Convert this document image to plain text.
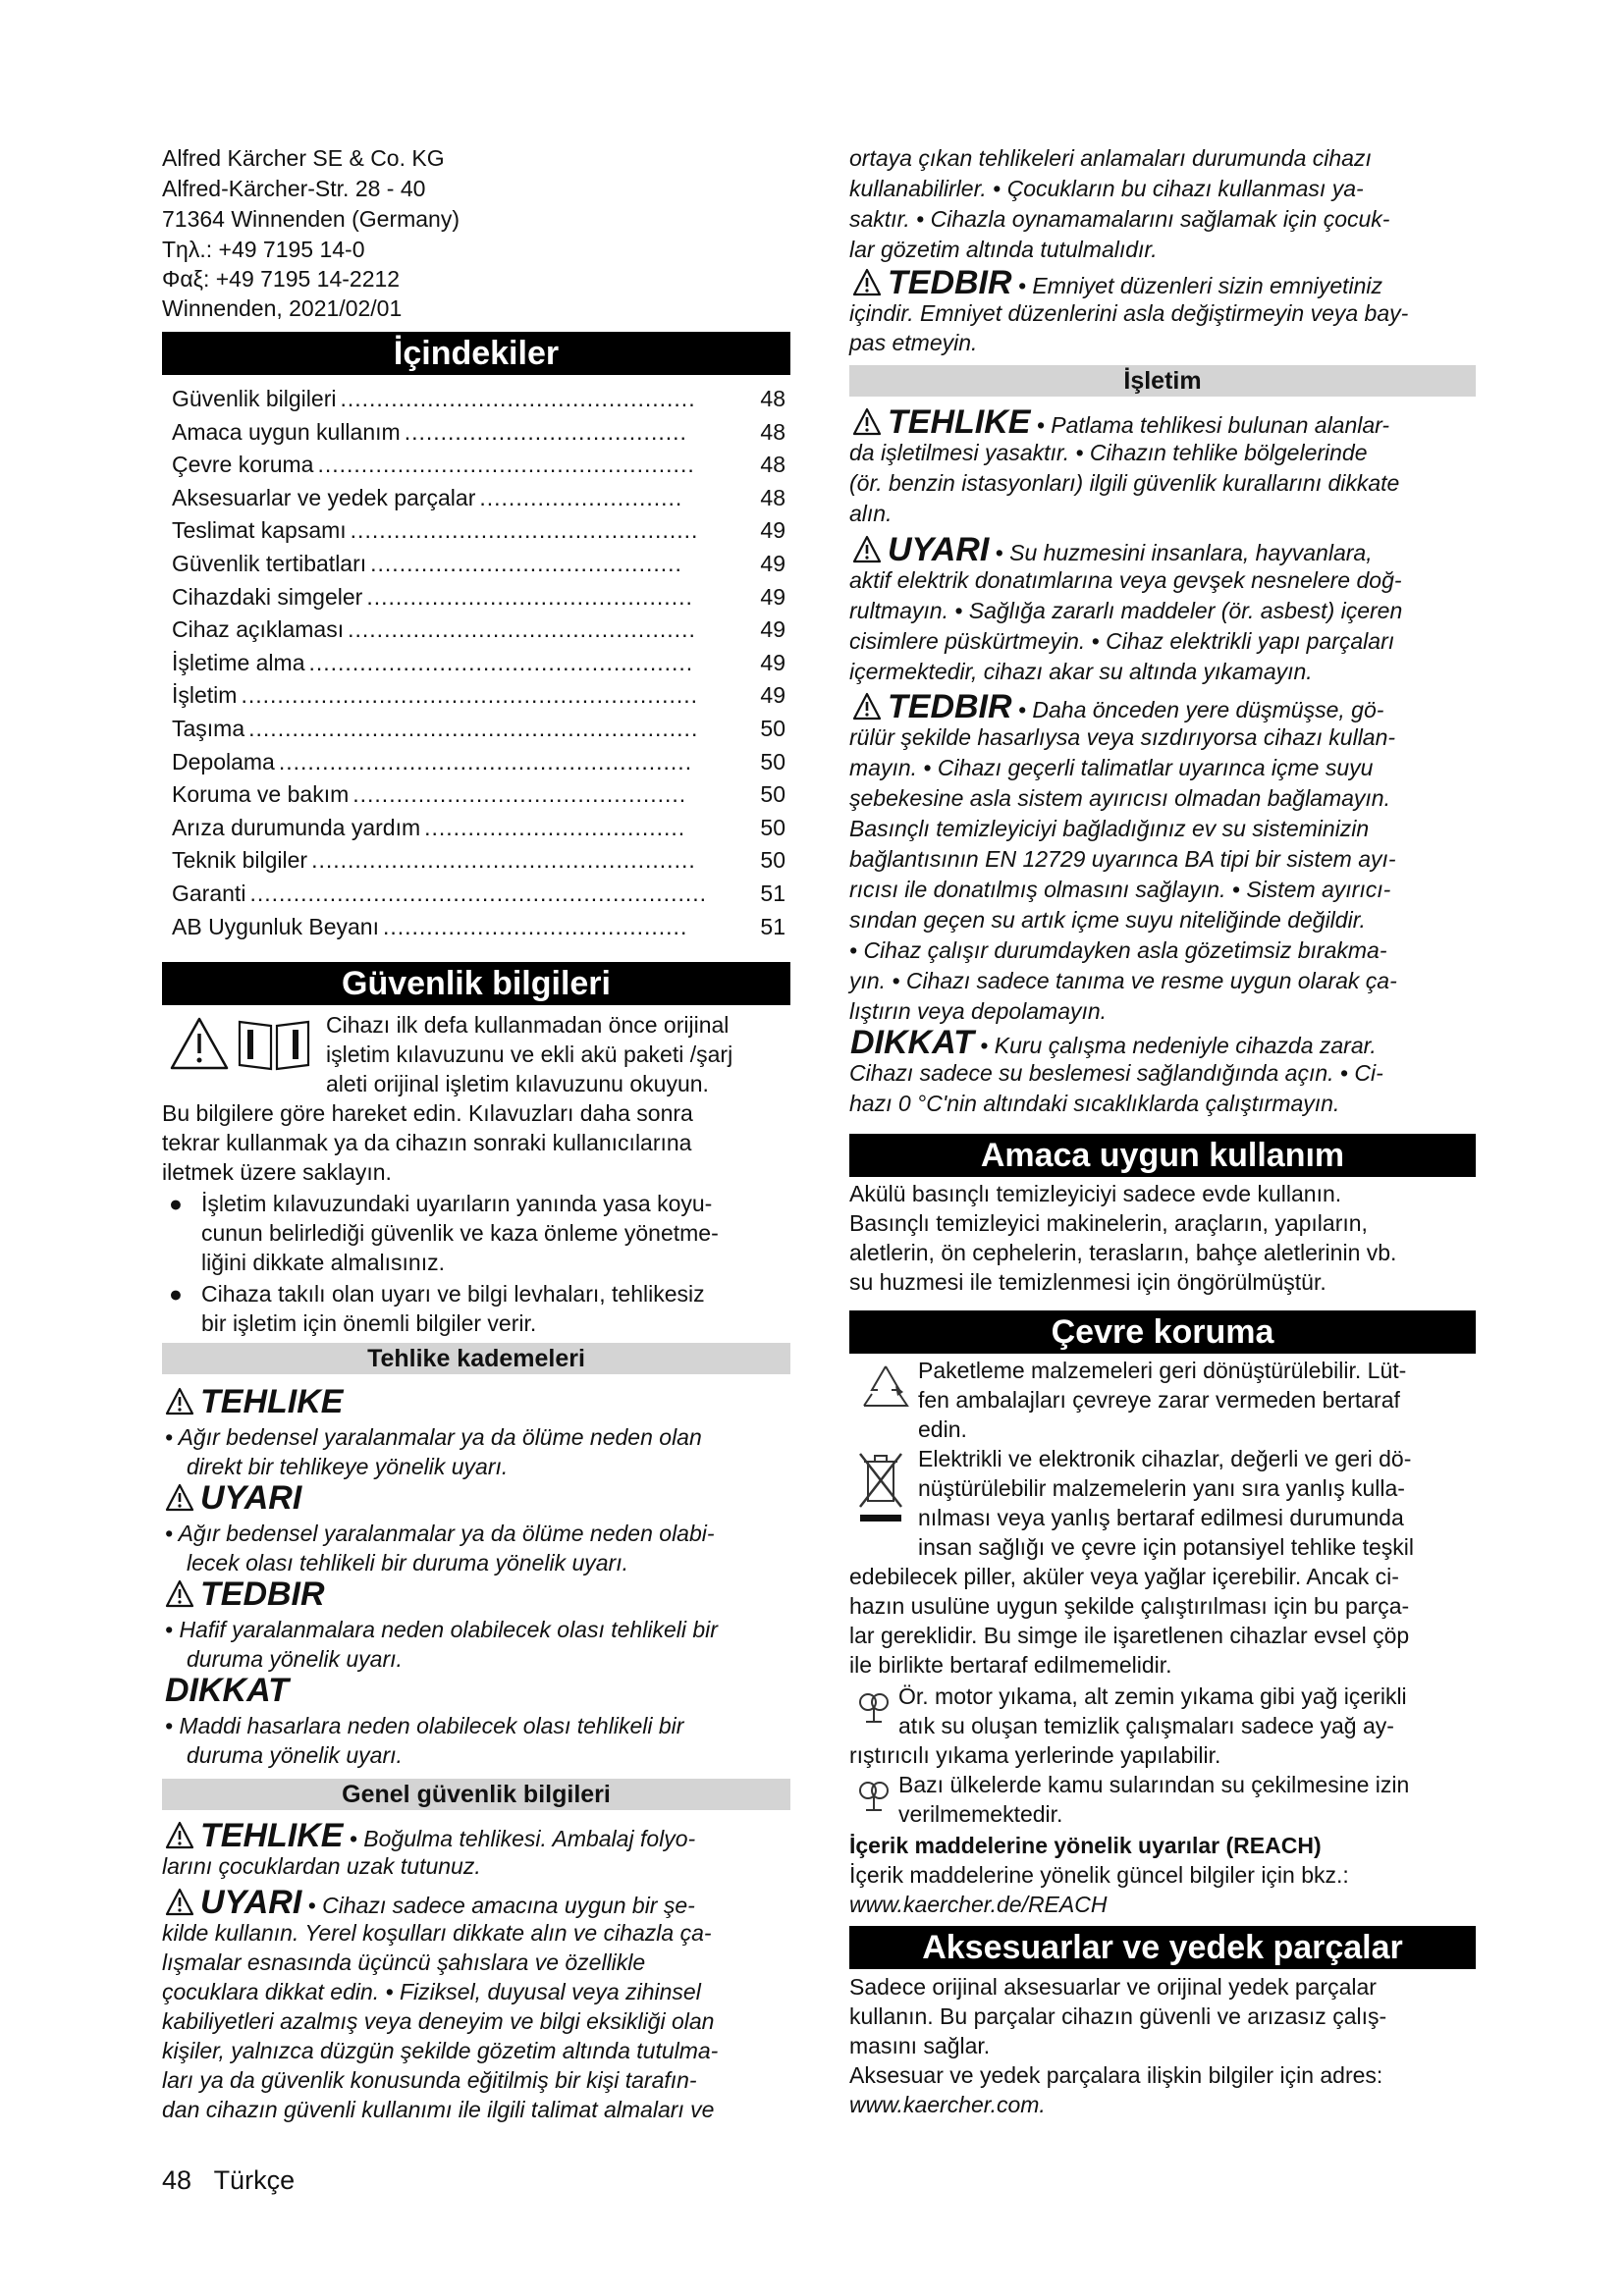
Alfred Kärcher SE & Co. KG

Alfred-Kärcher-Str. 28 - 40

71364 Winnenden (Germany)

Tηλ.: +49 7195 14-0

Φαξ: +49 7195 14-2212

Winnenden, 2021/02/01

İçindekiler
Güvenlik bilgileri .................................................	48
Amaca uygun kullanım .......................................	48
Çevre koruma ....................................................	48
Aksesuarlar ve yedek parçalar ............................	48
Teslimat kapsamı ................................................	49
Güvenlik tertibatları ...........................................	49
Cihazdaki simgeler .............................................	49
Cihaz açıklaması ................................................	49
İşletime alma .....................................................	49
İşletim ...............................................................	49
Taşıma ..............................................................	50
Depolama .........................................................	50
Koruma ve bakım ..............................................	50
Arıza durumunda yardım ....................................	50
Teknik bilgiler .....................................................	50
Garanti ............................................................... 51
AB Uygunluk Beyanı ..........................................	51
Güvenlik bilgileri

Cihazı ilk defa kullanmadan önce orijinal

işletim kılavuzunu ve ekli akü paketi /şarj

aleti orijinal işletim kılavuzunu okuyun.

Bu bilgilere göre hareket edin. Kılavuzları daha sonra

tekrar kullanmak ya da cihazın sonraki kullanıcılarına

iletmek üzere saklayın.

● İşletim kılavuzundaki uyarıların yanında yasa koyu-

cunun belirlediği güvenlik ve kaza önleme yönetme-

liğini dikkate almalısınız.

● Cihaza takılı olan uyarı ve bilgi levhaları, tehlikesiz

bir işletim için önemli bilgiler verir.

Tehlike kademeleri
TEHLIKE

• Ağır bedensel yaralanmalar ya da ölüme neden olan

direkt bir tehlikeye yönelik uyarı.

UYARI

• Ağır bedensel yaralanmalar ya da ölüme neden olabi-

lecek olası tehlikeli bir duruma yönelik uyarı.

TEDBIR

• Hafif yaralanmalara neden olabilecek olası tehlikeli bir

duruma yönelik uyarı.

DIKKAT

• Maddi hasarlara neden olabilecek olası tehlikeli bir

duruma yönelik uyarı.

Genel güvenlik bilgileri

TEHLIKE • Boğulma tehlikesi. Ambalaj folyo-

larını çocuklardan uzak tutunuz.

UYARI • Cihazı sadece amacına uygun bir şe-

kilde kullanın. Yerel koşulları dikkate alın ve cihazla ça-

lışmalar esnasında üçüncü şahıslara ve özellikle

çocuklara dikkat edin. • Fiziksel, duyusal veya zihinsel

kabiliyetleri azalmış veya deneyim ve bilgi eksikliği olan

kişiler, yalnızca düzgün şekilde gözetim altında tutulma-

ları ya da güvenlik konusunda eğitilmiş bir kişi tarafın-

dan cihazın güvenli kullanımı ile ilgili talimat almaları ve

48 Türkçe

ortaya çıkan tehlikeleri anlamaları durumunda cihazı

kullanabilirler. • Çocukların bu cihazı kullanması ya-

saktır. • Cihazla oynamamalarını sağlamak için çocuk-

lar gözetim altında tutulmalıdır.

TEDBIR • Emniyet düzenleri sizin emniyetiniz

içindir. Emniyet düzenlerini asla değiştirmeyin veya bay-

pas etmeyin.

İşletim

TEHLIKE • Patlama tehlikesi bulunan alanlar-

da işletilmesi yasaktır. • Cihazın tehlike bölgelerinde

(ör. benzin istasyonları) ilgili güvenlik kurallarını dikkate

alın.

UYARI • Su huzmesini insanlara, hayvanlara,

aktif elektrik donatımlarına veya gevşek nesnelere doğ-

rultmayın. • Sağlığa zararlı maddeler (ör. asbest) içeren

cisimlere püskürtmeyin. • Cihaz elektrikli yapı parçaları

içermektedir, cihazı akar su altında yıkamayın.

TEDBIR • Daha önceden yere düşmüşse, gö-

rülür şekilde hasarlıysa veya sızdırıyorsa cihazı kullan-

mayın. • Cihazı geçerli talimatlar uyarınca içme suyu

şebekesine asla sistem ayırıcısı olmadan bağlamayın.

Basınçlı temizleyiciyi bağladığınız ev su sisteminizin

bağlantısının EN 12729 uyarınca BA tipi bir sistem ayı-

rıcısı ile donatılmış olmasını sağlayın. • Sistem ayırıcı-

sından geçen su artık içme suyu niteliğinde değildir.

• Cihaz çalışır durumdayken asla gözetimsiz bırakma-

yın. • Cihazı sadece tanıma ve resme uygun olarak ça-

lıştırın veya depolamayın.

DIKKAT • Kuru çalışma nedeniyle cihazda zarar.

Cihazı sadece su beslemesi sağlandığında açın. • Ci-

hazı 0 °C'nin altındaki sıcaklıklarda çalıştırmayın.

Amaca uygun kullanım

Akülü basınçlı temizleyiciyi sadece evde kullanın.

Basınçlı temizleyici makinelerin, araçların, yapıların,

aletlerin, ön cephelerin, terasların, bahçe aletlerinin vb.

su huzmesi ile temizlenmesi için öngörülmüştür.

Çevre koruma

Paketleme malzemeleri geri dönüştürülebilir. Lüt-

fen ambalajları çevreye zarar vermeden bertaraf

edin.

Elektrikli ve elektronik cihazlar, değerli ve geri dö-

nüştürülebilir malzemelerin yanı sıra yanlış kulla-

nılması veya yanlış bertaraf edilmesi durumunda

insan sağlığı ve çevre için potansiyel tehlike teşkil

edebilecek piller, aküler veya yağlar içerebilir. Ancak ci-

hazın usulüne uygun şekilde çalıştırılması için bu parça-

lar gereklidir. Bu simge ile işaretlenen cihazlar evsel çöp

ile birlikte bertaraf edilmemelidir.

Ör. motor yıkama, alt zemin yıkama gibi yağ içerikli

atık su oluşan temizlik çalışmaları sadece yağ ay-

rıştırıcılı yıkama yerlerinde yapılabilir.

Bazı ülkelerde kamu sularından su çekilmesine izin

verilmemektedir.

İçerik maddelerine yönelik uyarılar (REACH)

İçerik maddelerine yönelik güncel bilgiler için bkz.:

www.kaercher.de/REACH

Aksesuarlar ve yedek parçalar

Sadece orijinal aksesuarlar ve orijinal yedek parçalar

kullanın. Bu parçalar cihazın güvenli ve arızasız çalış-

masını sağlar.

Aksesuar ve yedek parçalara ilişkin bilgiler için adres:

www.kaercher.com.
